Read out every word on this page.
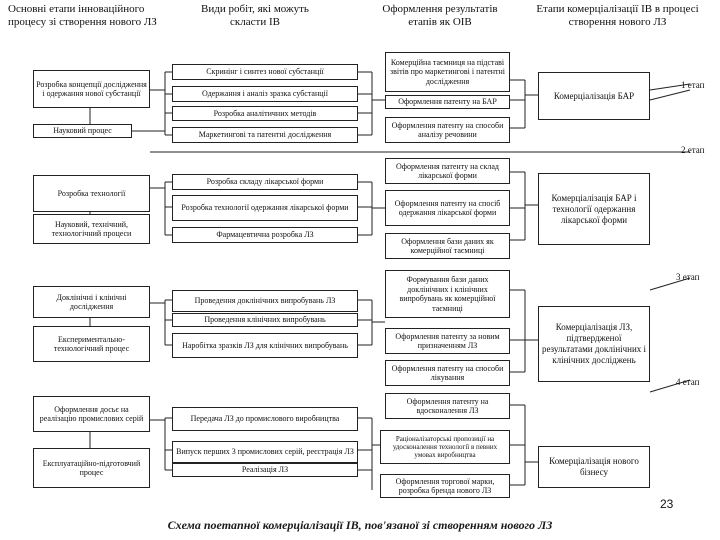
Основні етапи інноваційного процесу зі створення нового ЛЗ
Види робіт, які можуть скласти ІВ
Оформлення результатів етапів як ОІВ
Етапи комерціалізації ІВ в процесі створення нового ЛЗ
Розробка концепції дослідження і одержання нової субстанції
Науковий процес
Розробка технології
Науковий, технічний, технологічний процеси
Доклінічні і клінічні дослідження
Експериментально-технологічний процес
Оформлення досьє на реалізацію промислових серій
Експлуатаційно-підготовчий процес
Скринінг і синтез нової субстанції
Одержання і аналіз зразка субстанції
Розробка аналітичних методів
Маркетингові та патентні дослідження
Розробка складу лікарської форми
Розробка технології одержання лікарської форми
Фармацевтична розробка ЛЗ
Проведення доклінічних випробувань ЛЗ
Проведення клінічних випробувань
Наробітка зразків ЛЗ для клінічних випробувань
Передача ЛЗ до промислового виробництва
Випуск перших 3 промислових серій, реєстрація ЛЗ
Реалізація ЛЗ
Комерційна таємниця на підставі звітів про маркетингові і патентні дослідження
Оформлення патенту на БАР
Оформлення патенту на способи аналізу речовини
Оформлення патенту на склад лікарської форми
Оформлення патенту на спосіб одержання лікарської форми
Оформлення бази даних як комерційної таємниці
Формування бази даних доклінічних і клінічних випробувань як комерційної таємниці
Оформлення патенту за новим призначенням ЛЗ
Оформлення патенту на способи лікування
Оформлення патенту на вдосконалення ЛЗ
Раціоналізаторські пропозиції на удосконалення технології в певних умовах виробництва
Оформлення торгової марки, розробка бренда нового ЛЗ
Комерціалізація БАР
Комерціалізація БАР і технології одержання лікарської форми
Комерціалізація ЛЗ, підтвердженої результатами доклінічних і клінічних досліджень
Комерціалізація нового бізнесу
1 етап
2 етап
3 етап
4 етап
23
Схема поетапної комерціалізації ІВ, пов'язаної зі створенням нового ЛЗ
